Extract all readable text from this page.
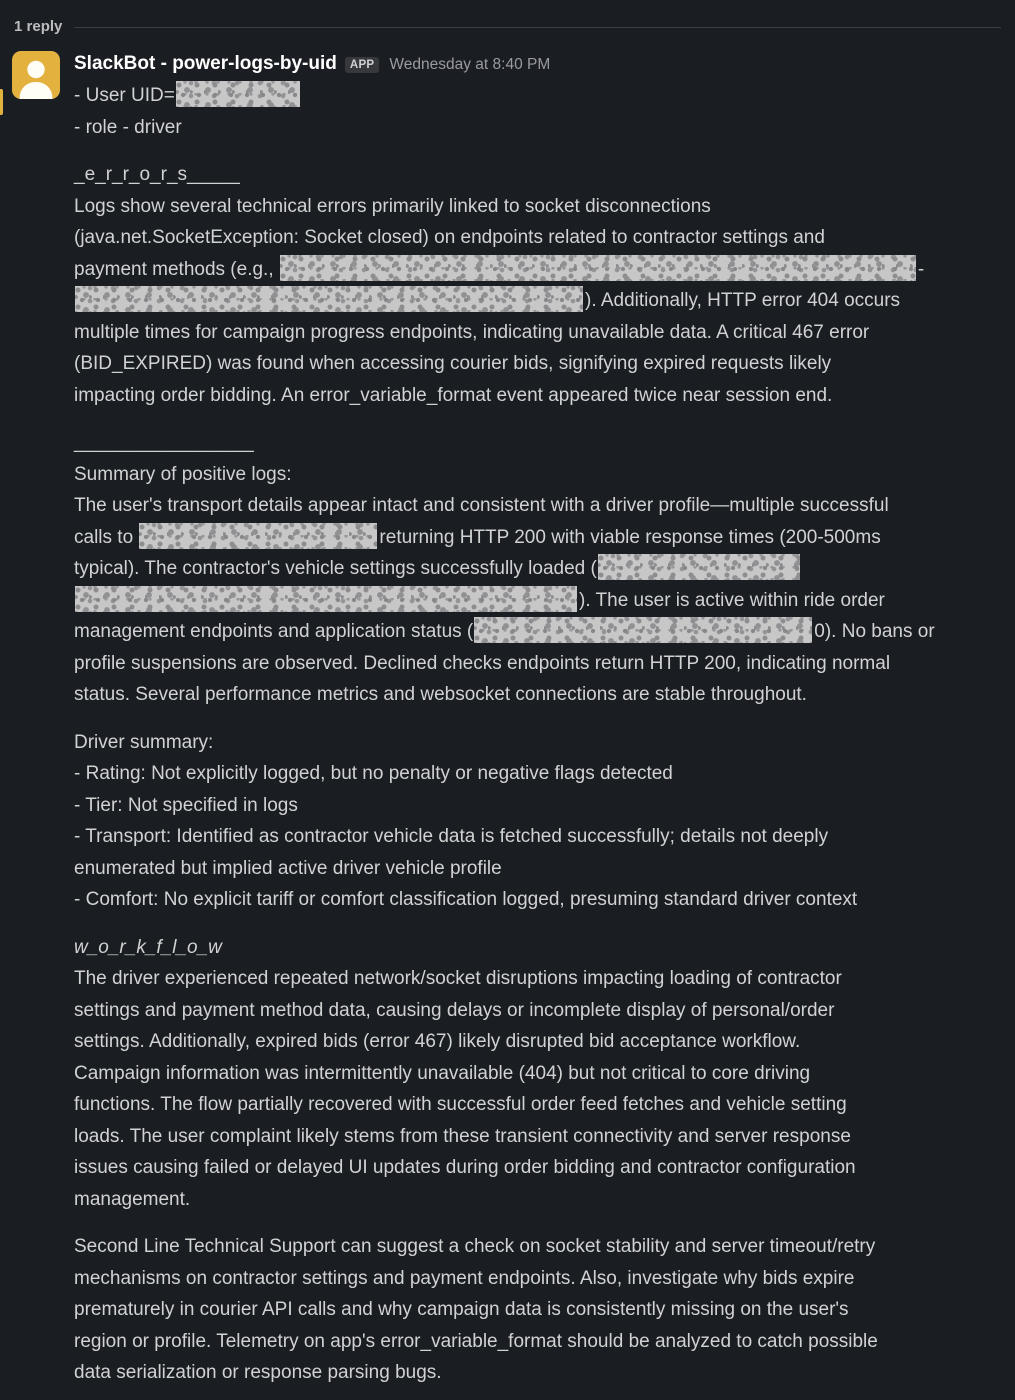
1 reply
SlackBot - power-logs-by-uid	APP Wednesday at 8:40 PM
- User UID=
- role - driver
_e_r_r_o_r_s_____
Logs show several technical errors primarily linked to socket disconnections
(java.net.SocketException: Socket closed) on endpoints related to contractor settings and
payment methods (e.g.,	-
). Additionally, HTTP error 404 occurs
multiple times for campaign progress endpoints, indicating unavailable data. A critical 467 error
(BID_EXPIRED) was found when accessing courier bids, signifying expired requests likely
impacting order bidding. An error_variable_format event appeared twice near session end.
_________________
Summary of positive logs:
The user's transport details appear intact and consistent with a driver profile—multiple successful
calls to	returning HTTP 200 with viable response times (200-500ms
typical). The contractor's vehicle settings successfully loaded (
). The user is active within ride order
management endpoints and application status (	0). No bans or
profile suspensions are observed. Declined checks endpoints return HTTP 200, indicating normal
status. Several performance metrics and websocket connections are stable throughout.
Driver summary:
- Rating: Not explicitly logged, but no penalty or negative flags detected
- Tier: Not specified in logs
- Transport: Identified as contractor vehicle data is fetched successfully; details not deeply
enumerated but implied active driver vehicle profile
- Comfort: No explicit tariff or comfort classification logged, presuming standard driver context
w_o_r_k_f_l_o_w
The driver experienced repeated network/socket disruptions impacting loading of contractor
settings and payment method data, causing delays or incomplete display of personal/order
settings. Additionally, expired bids (error 467) likely disrupted bid acceptance workflow.
Campaign information was intermittently unavailable (404) but not critical to core driving
functions. The flow partially recovered with successful order feed fetches and vehicle setting
loads. The user complaint likely stems from these transient connectivity and server response
issues causing failed or delayed UI updates during order bidding and contractor configuration
management.
Second Line Technical Support can suggest a check on socket stability and server timeout/retry
mechanisms on contractor settings and payment endpoints. Also, investigate why bids expire
prematurely in courier API calls and why campaign data is consistently missing on the user's
region or profile. Telemetry on app's error_variable_format should be analyzed to catch possible
data serialization or response parsing bugs.
